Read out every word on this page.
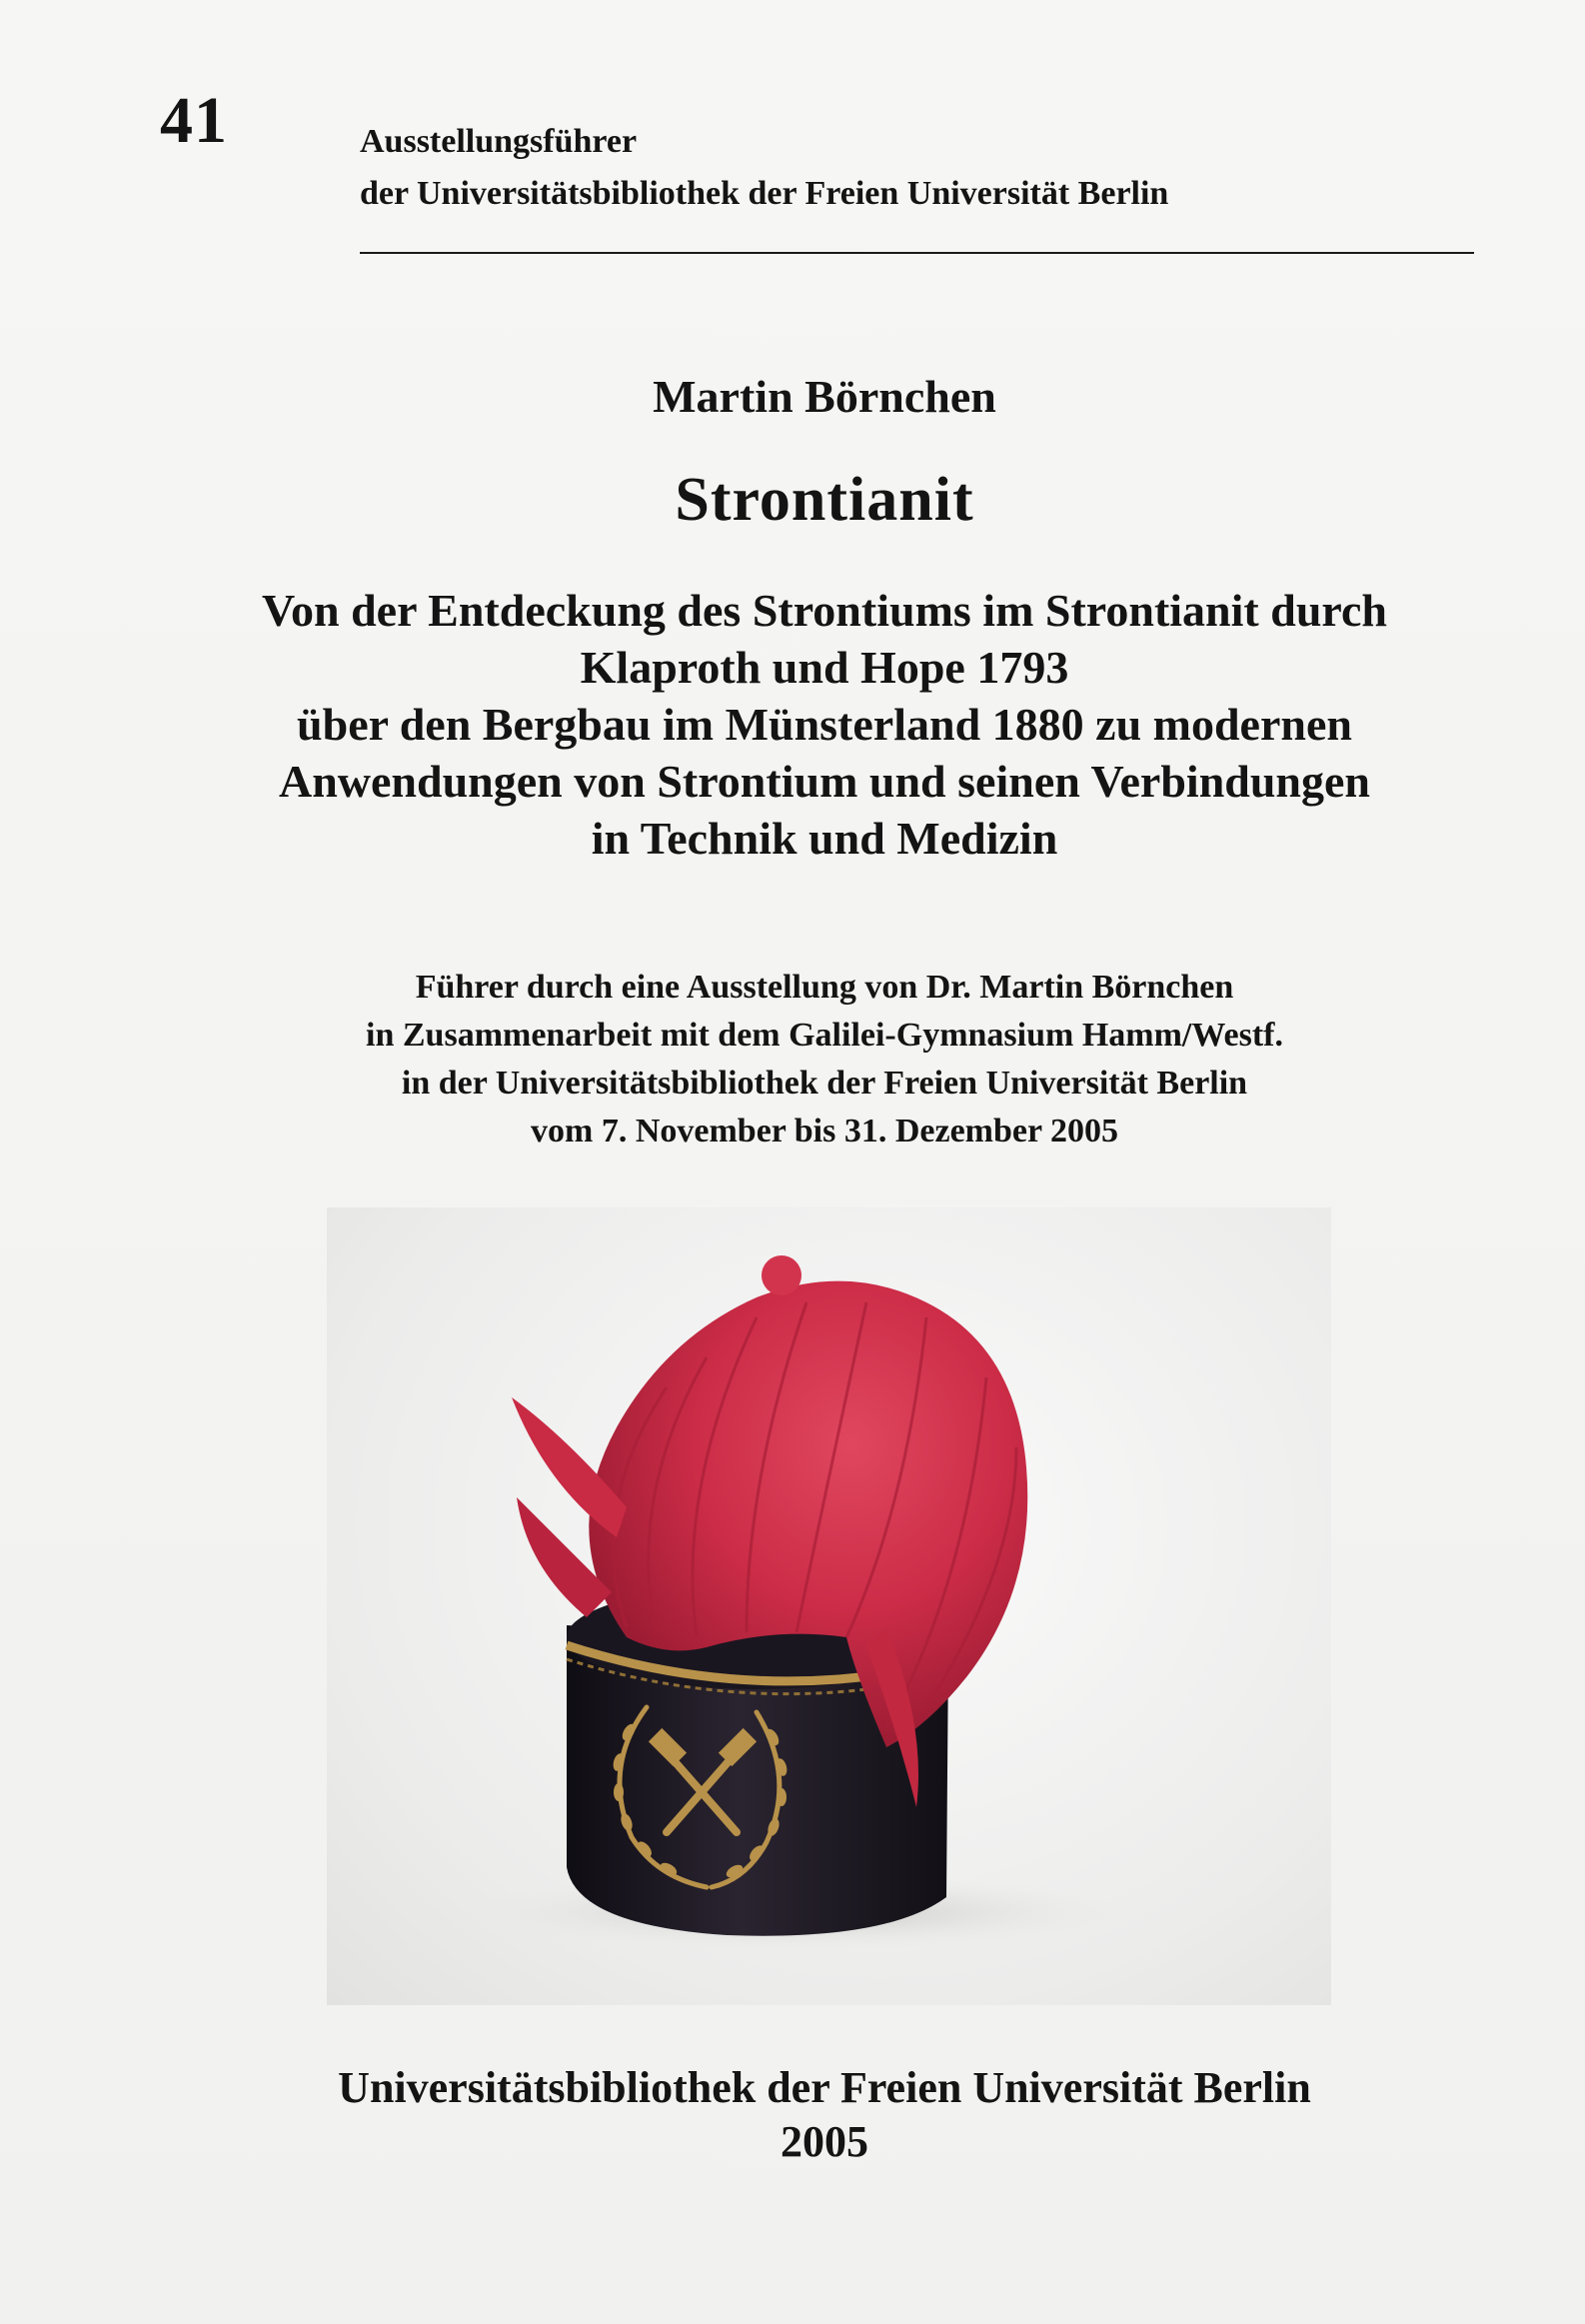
41	Ausstellungsführer
der Universitätsbibliothek der Freien Universität Berlin
Martin Börnchen
Strontianit
Von der Entdeckung des Strontiums im Strontianit durch
Klaproth und Hope 1793
über den Bergbau im Münsterland 1880 zu modernen
Anwendungen von Strontium und seinen Verbindungen
in Technik und Medizin
Führer durch eine Ausstellung von Dr. Martin Börnchen
in Zusammenarbeit mit dem Galilei-Gymnasium Hamm/Westf.
in der Universitätsbibliothek der Freien Universität Berlin
vom 7. November bis 31. Dezember 2005
Universitätsbibliothek der Freien Universität Berlin
2005
